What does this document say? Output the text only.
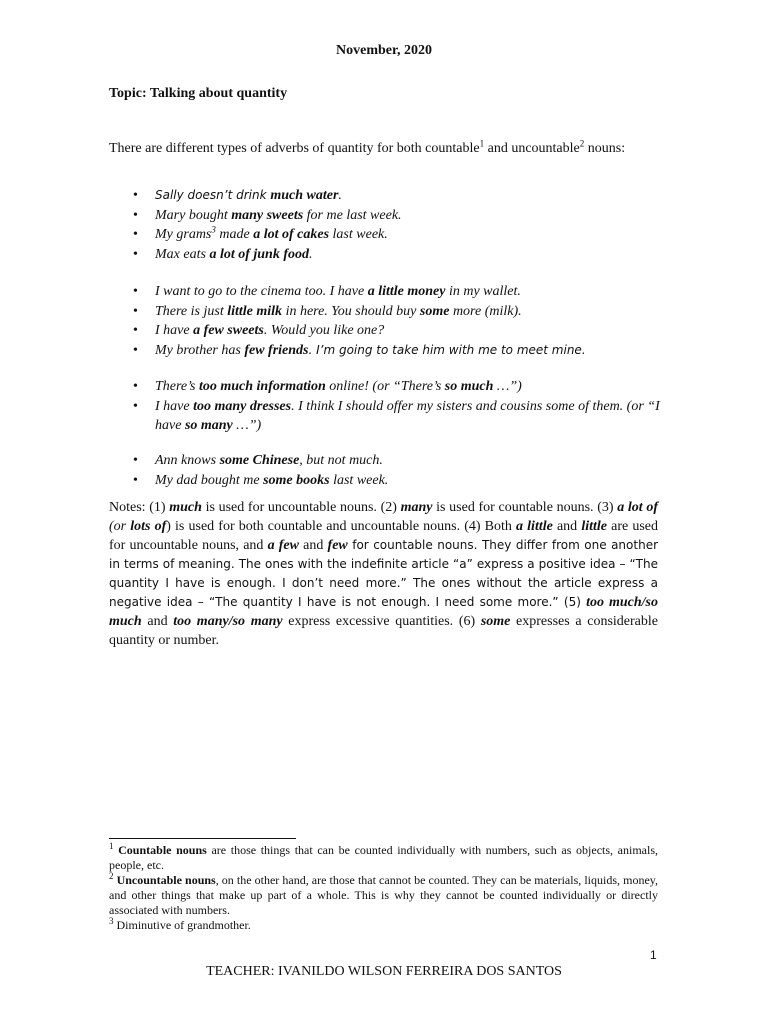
November, 2020
Topic: Talking about quantity
There are different types of adverbs of quantity for both countable$^1$ and uncountable$^2$ nouns:
• Sally doesn’t drink much water.
• Mary bought many sweets for me last week.
• My grams$^3$ made a lot of cakes last week.
• Max eats a lot of junk food.
• I want to go to the cinema too. I have a little money in my wallet.
• There is just little milk in here. You should buy some more (milk).
• I have a few sweets. Would you like one?
• My brother has few friends. I’m going to take him with me to meet mine.
• There’s too much information online! (or “There’s so much …”)
• I have too many dresses. I think I should offer my sisters and cousins some of them. (or “I have so many …”)
• Ann knows some Chinese, but not much.
• My dad bought me some books last week.
Notes: (1) much is used for uncountable nouns. (2) many is used for countable nouns. (3) a lot of (or lots of) is used for both countable and uncountable nouns. (4) Both a little and little are used for uncountable nouns, and a few and few for countable nouns. They differ from one another in terms of meaning. The ones with the indefinite article “a” express a positive idea – “The quantity I have is enough. I don’t need more.” The ones without the article express a negative idea – “The quantity I have is not enough. I need some more.” (5) too much/so much and too many/so many express excessive quantities. (6) some expresses a considerable quantity or number.

$^1$ Countable nouns are those things that can be counted individually with numbers, such as objects, animals, people, etc.

$^2$ Uncountable nouns, on the other hand, are those that cannot be counted. They can be materials, liquids, money, and other things that make up part of a whole. This is why they cannot be counted individually or directly associated with numbers.

$^3$ Diminutive of grandmother.

1
TEACHER: IVANILDO WILSON FERREIRA DOS SANTOS
